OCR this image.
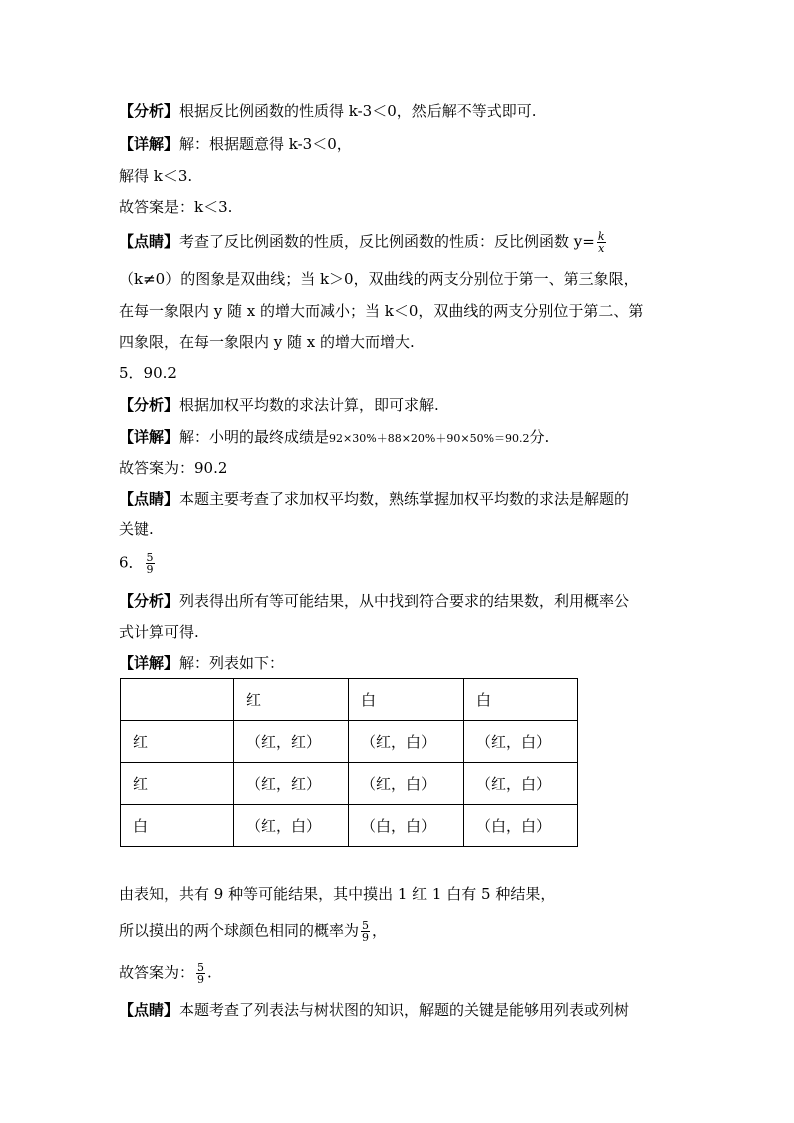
【分析】根据反比例函数的性质得 k-3＜0，然后解不等式即可.
【详解】解：根据题意得 k-3＜0，
解得 k＜3.
故答案是：k＜3.
【点睛】考查了反比例函数的性质，反比例函数的性质：反比例函数 $y= \frac{k}{x}$
（k≠0）的图象是双曲线；当 k＞0，双曲线的两支分别位于第一、第三象限，
在每一象限内 y 随 x 的增大而减小；当 k＜0，双曲线的两支分别位于第二、第
四象限，在每一象限内 y 随 x 的增大而增大.
5．90.2
【分析】根据加权平均数的求法计算，即可求解.
【详解】解：小明的最终成绩是92×30%＋88×20%＋90×50%＝90.2分.
故答案为：90.2
【点睛】本题主要考查了求加权平均数，熟练掌握加权平均数的求法是解题的
关键.
6． $\frac{5}{9}$
【分析】列表得出所有等可能结果，从中找到符合要求的结果数，利用概率公
式计算可得.
【详解】解：列表如下：
	红	白	白
红	（红，红）	（红，白）	（红，白）
红	（红，红）	（红，白）	（红，白）
白	（红，白）	（白，白）	（白，白）
由表知，共有 9 种等可能结果，其中摸出 1 红 1 白有 5 种结果，
所以摸出的两个球颜色相同的概率为 $\frac{5}{9}$ ，
故答案为： $\frac{5}{9}$ .
【点睛】本题考查了列表法与树状图的知识，解题的关键是能够用列表或列树
